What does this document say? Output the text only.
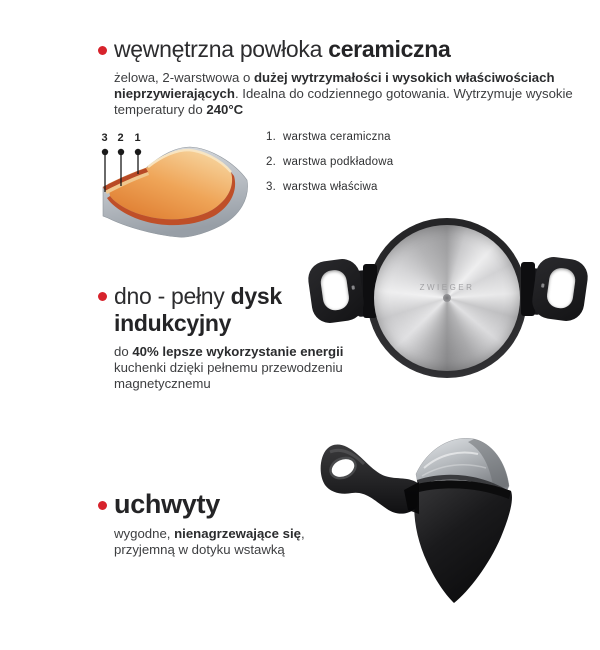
węwnętrzna powłoka ceramiczna
żelowa, 2-warstwowa o dużej wytrzymałości i wysokich właściwościach nieprzywierających. Idealna do codziennego gotowania. Wytrzymuje wysokie temperatury do 240°C
3 2 1	1. warstwa ceramiczna
2. warstwa podkładowa
3. warstwa właściwa
ZWIEGER
dno - pełny dysk indukcyjny
do 40% lepsze wykorzystanie energii kuchenki dzięki pełnemu przewodzeniu magnetycznemu
uchwyty
wygodne, nienagrzewające się, przyjemną w dotyku wstawką
